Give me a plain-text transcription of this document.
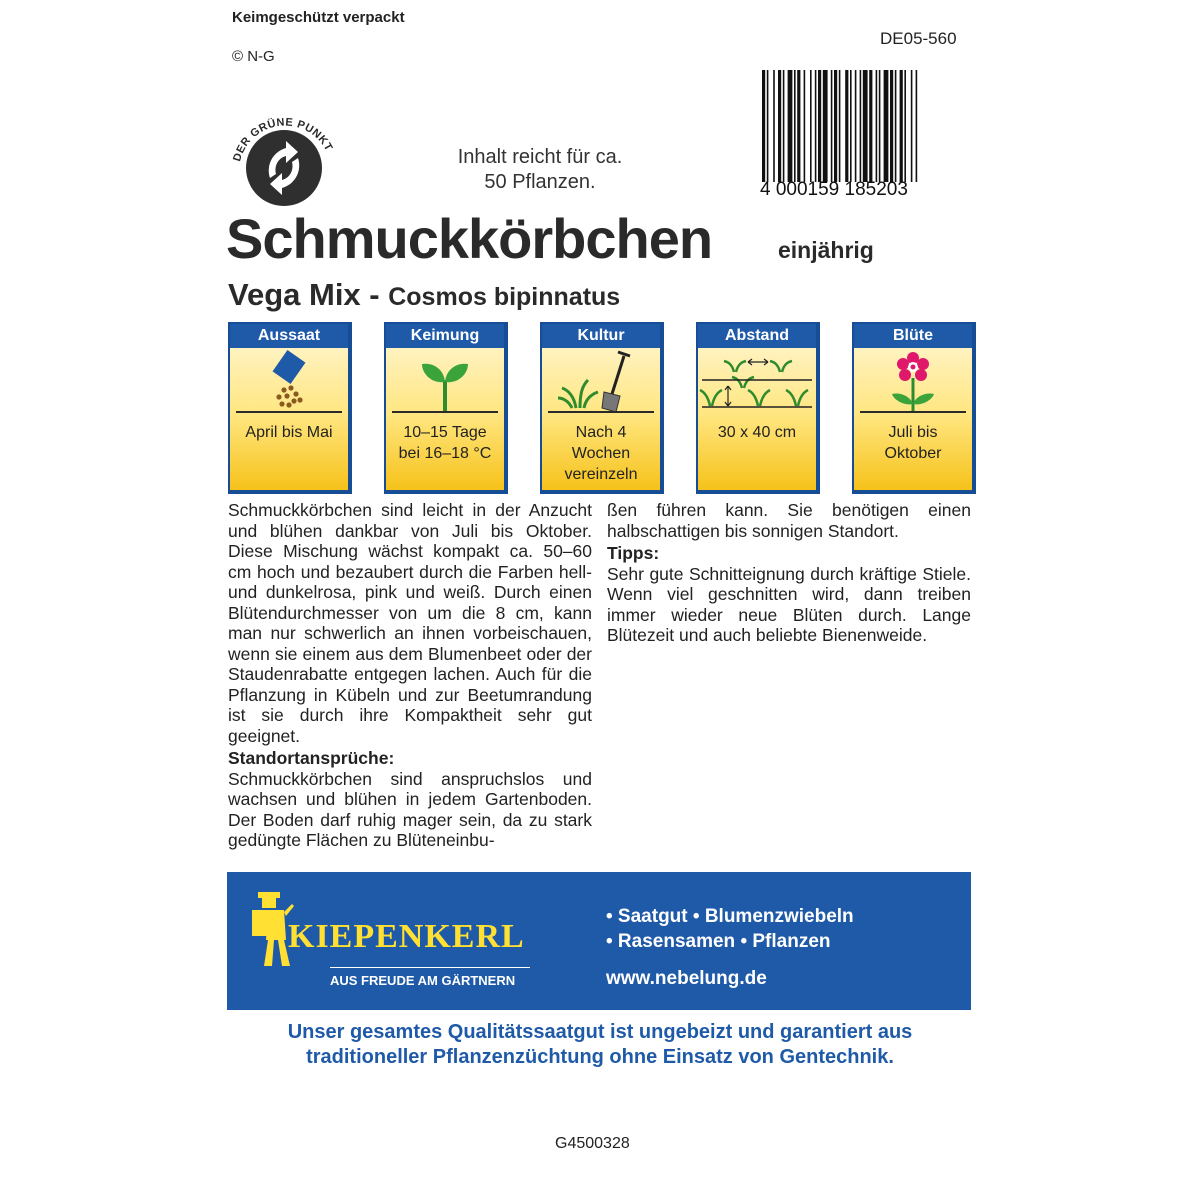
Keimgeschützt verpackt
© N-G
DE05-560
DER GRÜNE PUNKT
4 000159 185203
Inhalt reicht für ca.
50 Pflanzen.
Schmuckkörbchen	einjährig
Vega Mix - Cosmos bipinnatus
Aussaat
April bis Mai
Keimung
10–15 Tage
bei 16–18 °C
Kultur
Nach 4
Wochen
vereinzeln
Abstand
30 x 40 cm
Blüte
Juli bis
Oktober

Schmuckkörbchen sind leicht in der Anzucht und blühen dankbar von Juli bis Oktober. Diese Mischung wächst kompakt ca. 50–60 cm hoch und bezaubert durch die Farben hell- und dunkelrosa, pink und weiß. Durch einen Blütendurchmesser von um die 8 cm, kann man nur schwerlich an ihnen vorbeischauen, wenn sie einem aus dem Blumenbeet oder der Staudenrabatte entgegen lachen. Auch für die Pflanzung in Kübeln und zur Beetumrandung ist sie durch ihre Kompaktheit sehr gut geeignet.

Standortansprüche:

Schmuckkörbchen sind anspruchslos und wachsen und blühen in jedem Gartenboden. Der Boden darf ruhig mager sein, da zu stark gedüngte Flächen zu Blüteneinbu-

ßen führen kann. Sie benötigen einen halbschattigen bis sonnigen Standort.

Tipps:

Sehr gute Schnitteignung durch kräftige Stiele. Wenn viel geschnitten wird, dann treiben immer wieder neue Blüten durch. Lange Blütezeit und auch beliebte Bienenweide.

KIEPENKERL
AUS FREUDE AM GÄRTNERN
• Saatgut • Blumenzwiebeln
• Rasensamen • Pflanzen
www.nebelung.de
Unser gesamtes Qualitätssaatgut ist ungebeizt und garantiert aus
traditioneller Pflanzenzüchtung ohne Einsatz von Gentechnik.
G4500328
